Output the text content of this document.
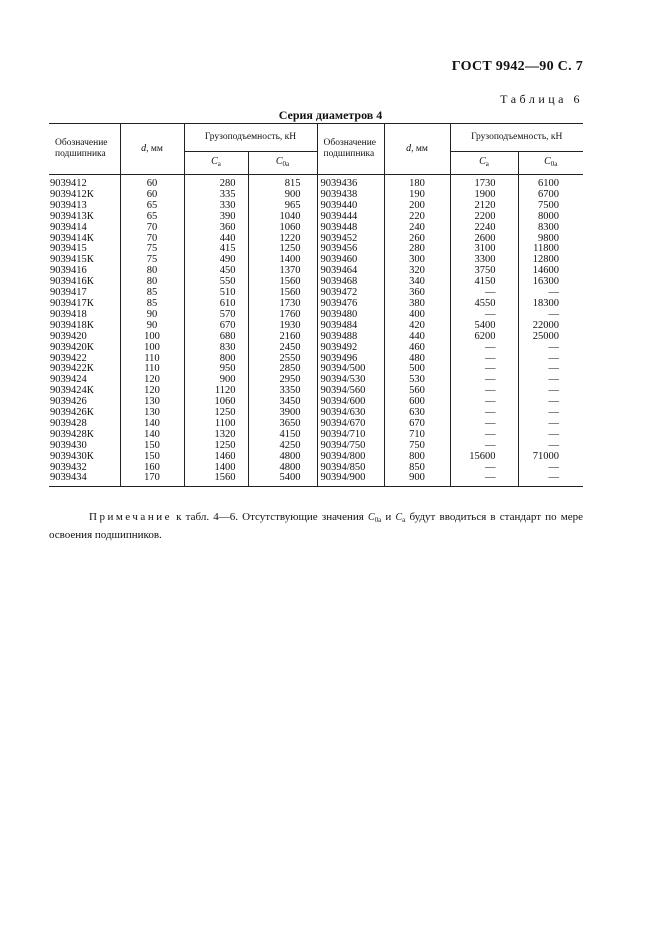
ГОСТ 9942—90 С. 7
Таблица 6
Серия диаметров 4
Обозначение подшипника	d, мм	Грузоподъемность, кН		Обозначение подшипника	d, мм	Грузоподъемность, кН	
		$C_a$	$C_{0a}$			$C_a$	$C_{0a}$
9039412	60	280	815	9039436	180	1730	6100
9039412К	60	335	900	9039438	190	1900	6700
9039413	65	330	965	9039440	200	2120	7500
9039413К	65	390	1040	9039444	220	2200	8000
9039414	70	360	1060	9039448	240	2240	8300
9039414К	70	440	1220	9039452	260	2600	9800
9039415	75	415	1250	9039456	280	3100	11800
9039415К	75	490	1400	9039460	300	3300	12800
9039416	80	450	1370	9039464	320	3750	14600
9039416К	80	550	1560	9039468	340	4150	16300
9039417	85	510	1560	9039472	360	—	—
9039417К	85	610	1730	9039476	380	4550	18300
9039418	90	570	1760	9039480	400	—	—
9039418К	90	670	1930	9039484	420	5400	22000
9039420	100	680	2160	9039488	440	6200	25000
9039420К	100	830	2450	9039492	460	—	—
9039422	110	800	2550	9039496	480	—	—
9039422К	110	950	2850	90394/500	500	—	—
9039424	120	900	2950	90394/530	530	—	—
9039424К	120	1120	3350	90394/560	560	—	—
9039426	130	1060	3450	90394/600	600	—	—
9039426К	130	1250	3900	90394/630	630	—	—
9039428	140	1100	3650	90394/670	670	—	—
9039428К	140	1320	4150	90394/710	710	—	—
9039430	150	1250	4250	90394/750	750	—	—
9039430К	150	1460	4800	90394/800	800	15600	71000
9039432	160	1400	4800	90394/850	850	—	—
9039434	170	1560	5400	90394/900	900	—	—
Примечание к табл. 4—6. Отсутствующие значения $C_{0a}$ и $C_a$ будут вводиться в стандарт по мере освоения подшипников.
